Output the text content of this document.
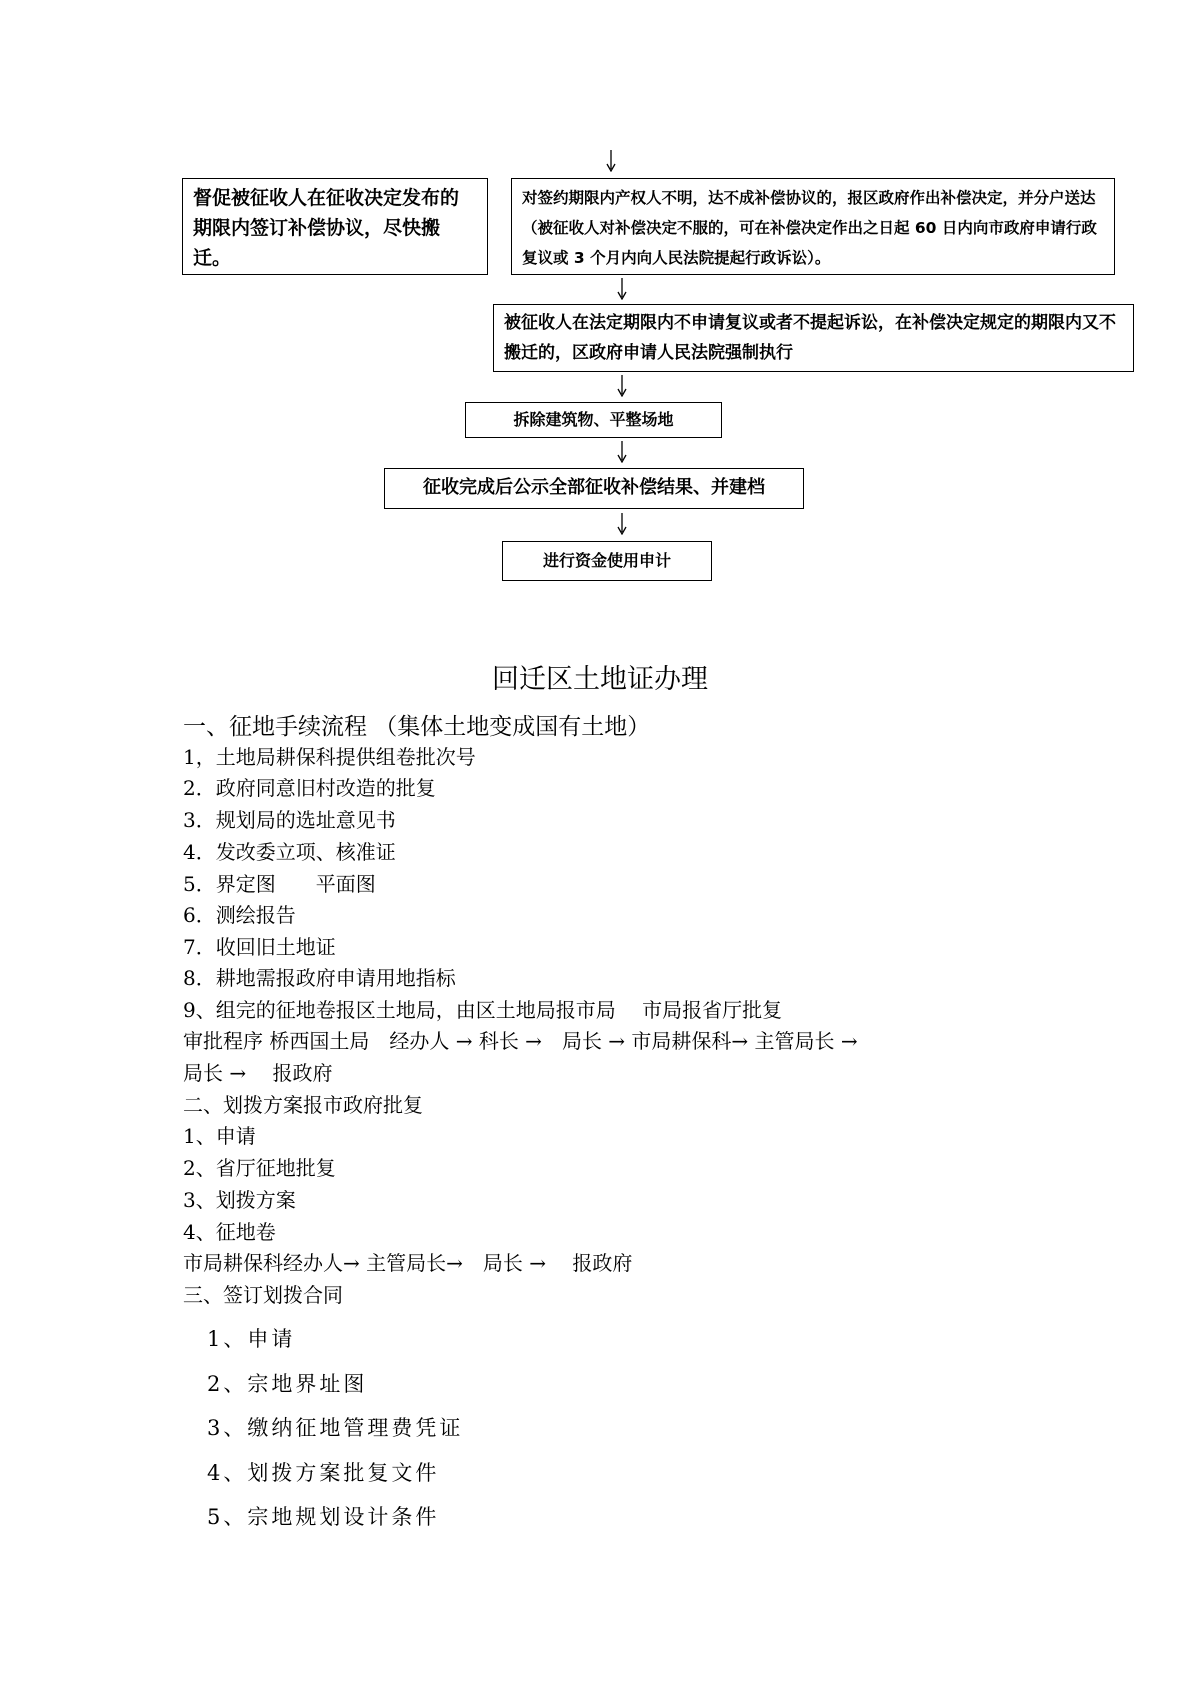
督促被征收人在征收决定发布的期限内签订补偿协议，尽快搬迁。
对签约期限内产权人不明，达不成补偿协议的，报区政府作出补偿决定，并分户送达（被征收人对补偿决定不服的，可在补偿决定作出之日起 60 日内向市政府申请行政复议或 3 个月内向人民法院提起行政诉讼）。
被征收人在法定期限内不申请复议或者不提起诉讼，在补偿决定规定的期限内又不搬迁的，区政府申请人民法院强制执行
拆除建筑物、平整场地
征收完成后公示全部征收补偿结果、并建档
进行资金使用申计
回迁区土地证办理
一、征地手续流程 （集体土地变成国有土地）
1，土地局耕保科提供组卷批次号
2．政府同意旧村改造的批复
3．规划局的选址意见书
4．发改委立项、核准证
5．界定图　　平面图
6．测绘报告
7．收回旧土地证
8．耕地需报政府申请用地指标
9、组完的征地卷报区土地局，由区土地局报市局　 市局报省厅批复
审批程序 桥西国土局　经办人 → 科长 →　局长 → 市局耕保科→ 主管局长 →
局长 →　 报政府
二、划拨方案报市政府批复
1、申请
2、省厅征地批复
3、划拨方案
4、征地卷
市局耕保科经办人→ 主管局长→　局长 →　 报政府
三、签订划拨合同
1、申请
2、宗地界址图
3、缴纳征地管理费凭证
4、划拨方案批复文件
5、宗地规划设计条件
